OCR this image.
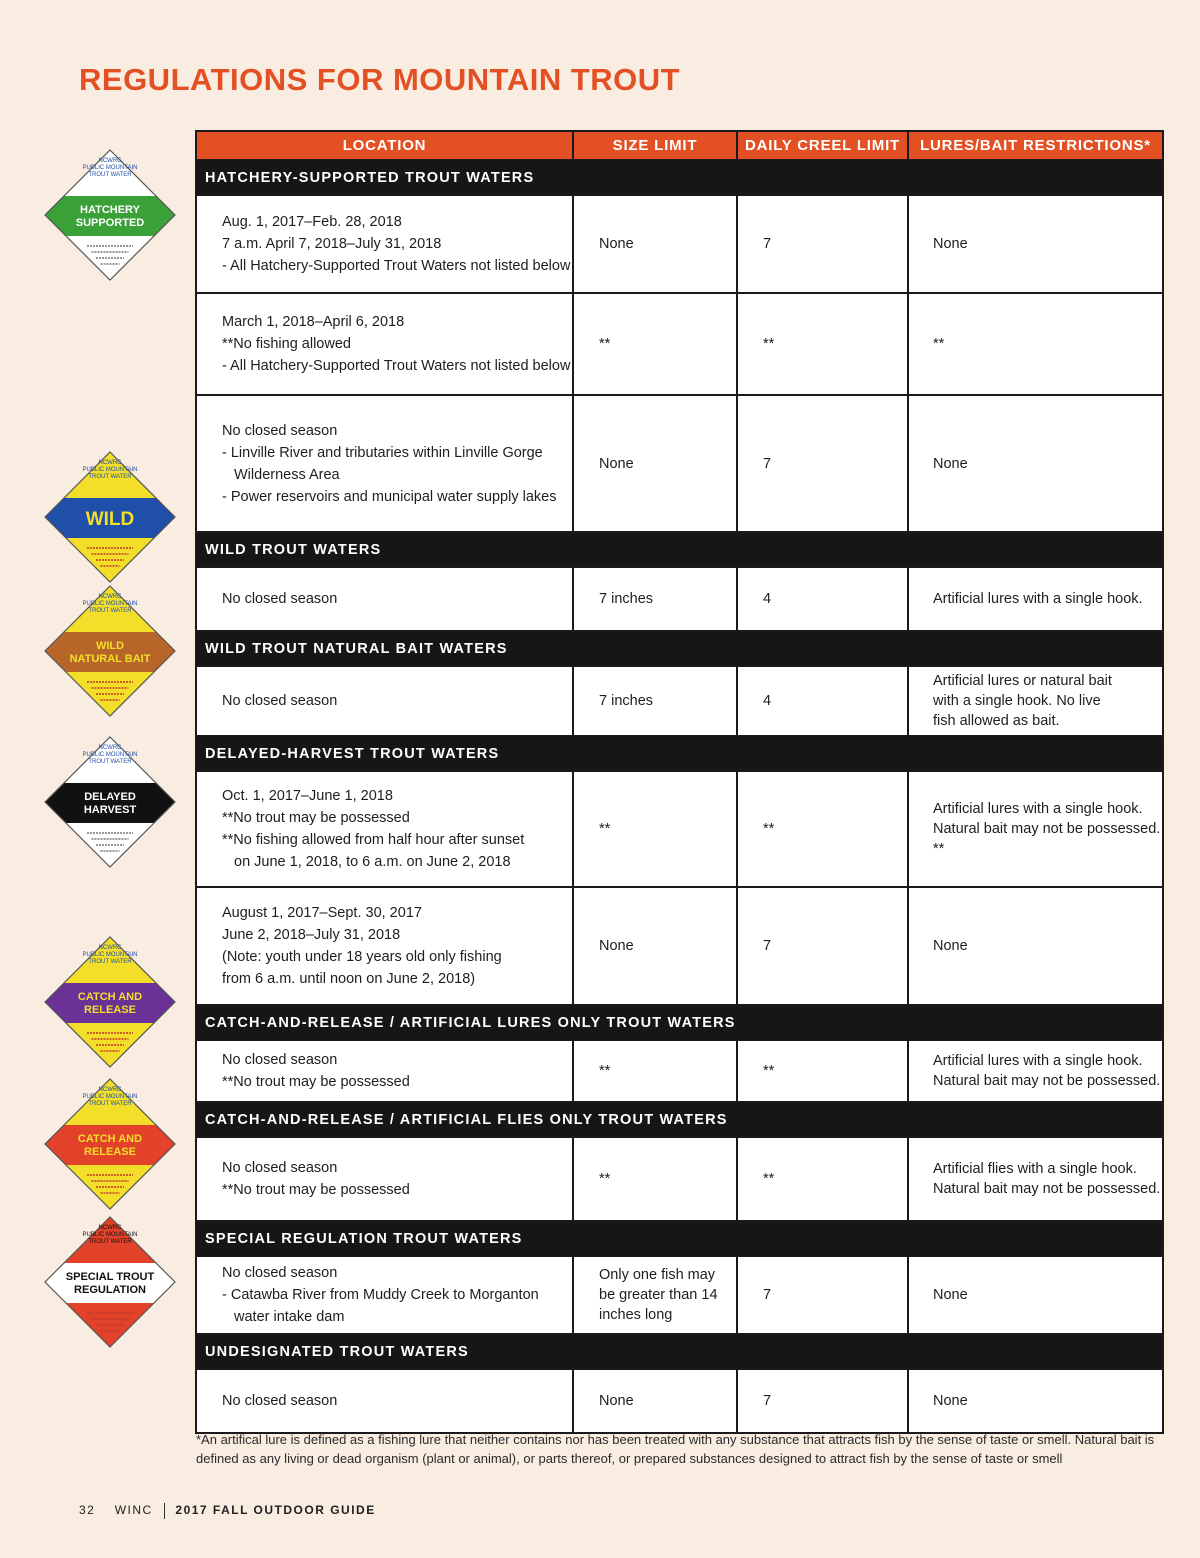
REGULATIONS FOR MOUNTAIN TROUT
LOCATION	SIZE LIMIT	DAILY CREEL LIMIT	LURES/BAIT RESTRICTIONS*
HATCHERY-SUPPORTED TROUT WATERS			

Aug. 1, 2017–Feb. 28, 2018
7 a.m. April 7, 2018–July 31, 2018
- All Hatchery-Supported Trout Waters not listed below	None	7	None

March 1, 2018–April 6, 2018
**No fishing allowed
- All Hatchery-Supported Trout Waters not listed below	**	**	**

No closed season
- Linville River and tributaries within Linville Gorge
Wilderness Area
- Power reservoirs and municipal water supply lakes	None	7	None

WILD TROUT WATERS			

No closed season	7 inches	4	Artificial lures with a single hook.

WILD TROUT NATURAL BAIT WATERS			

No closed season	7 inches	4	Artificial lures or natural bait
with a single hook. No live
fish allowed as bait.

DELAYED-HARVEST TROUT WATERS			

Oct. 1, 2017–June 1, 2018
**No trout may be possessed
**No fishing allowed from half hour after sunset
on June 1, 2018, to 6 a.m. on June 2, 2018	**	**	Artificial lures with a single hook.
Natural bait may not be possessed.
**

August 1, 2017–Sept. 30, 2017
June 2, 2018–July 31, 2018
(Note: youth under 18 years old only fishing
from 6 a.m. until noon on June 2, 2018)	None	7	None

CATCH-AND-RELEASE / ARTIFICIAL LURES ONLY TROUT WATERS			

No closed season
**No trout may be possessed	**	**	Artificial lures with a single hook.
Natural bait may not be possessed.

CATCH-AND-RELEASE / ARTIFICIAL FLIES ONLY TROUT WATERS			

No closed season
**No trout may be possessed	**	**	Artificial flies with a single hook.
Natural bait may not be possessed.

SPECIAL REGULATION TROUT WATERS			

No closed season
- Catawba River from Muddy Creek to Morganton
water intake dam	Only one fish may be greater than 14 inches long	7	None

UNDESIGNATED TROUT WATERS			

No closed season	None	7	None
NCWRC
PUBLIC MOUNTAIN
TROUT WATER
HATCHERY
SUPPORTED
NCWRC
PUBLIC MOUNTAIN
TROUT WATER
WILD
NCWRC
PUBLIC MOUNTAIN
TROUT WATER
WILD
NATURAL BAIT
NCWRC
PUBLIC MOUNTAIN
TROUT WATER
DELAYED
HARVEST
NCWRC
PUBLIC MOUNTAIN
TROUT WATER
CATCH AND
RELEASE
NCWRC
PUBLIC MOUNTAIN
TROUT WATER
CATCH AND
RELEASE
NCWRC
PUBLIC MOUNTAIN
TROUT WATER
SPECIAL TROUT
REGULATION

*An artifical lure is defined as a fishing lure that neither contains nor has been treated with any substance that attracts fish by the sense of taste or smell. Natural bait is defined as any living or dead organism (plant or animal), or parts thereof, or prepared substances designed to attract fish by the sense of taste or smell

32 WINC 2017 FALL OUTDOOR GUIDE
